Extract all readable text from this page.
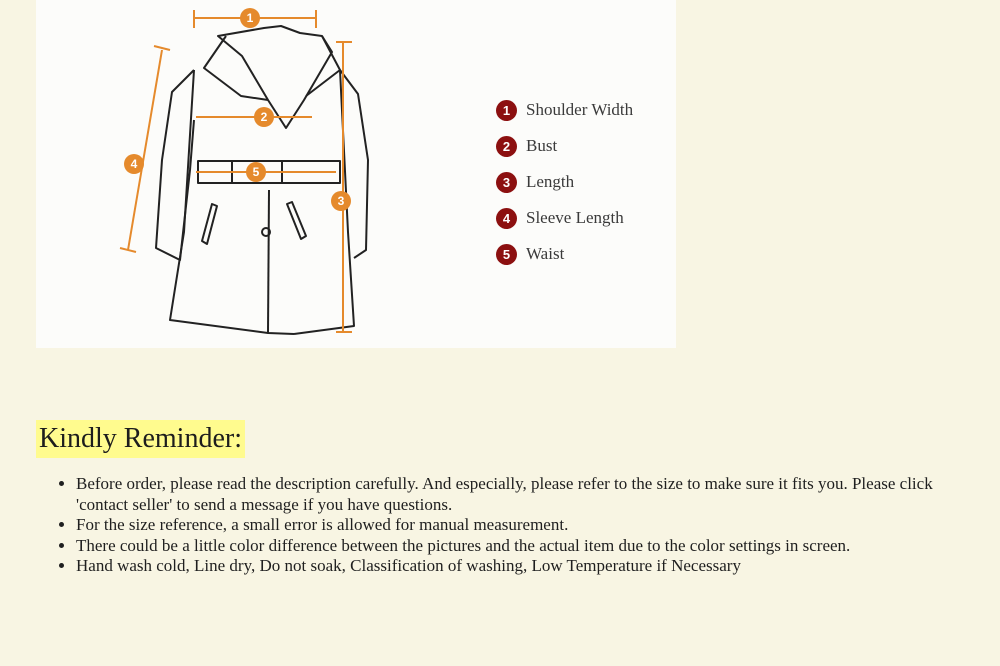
1
2
3
4
5
1 Shoulder Width
2 Bust
3 Length
4 Sleeve Length
5 Waist
Kindly Reminder:
• Before order, please read the description carefully. And especially, please refer to the size to make sure it fits you. Please click 'contact seller' to send a message if you have questions.
• For the size reference, a small error is allowed for manual measurement.
• There could be a little color difference between the pictures and the actual item due to the color settings in screen.
• Hand wash cold, Line dry, Do not soak, Classification of washing, Low Temperature if Necessary
